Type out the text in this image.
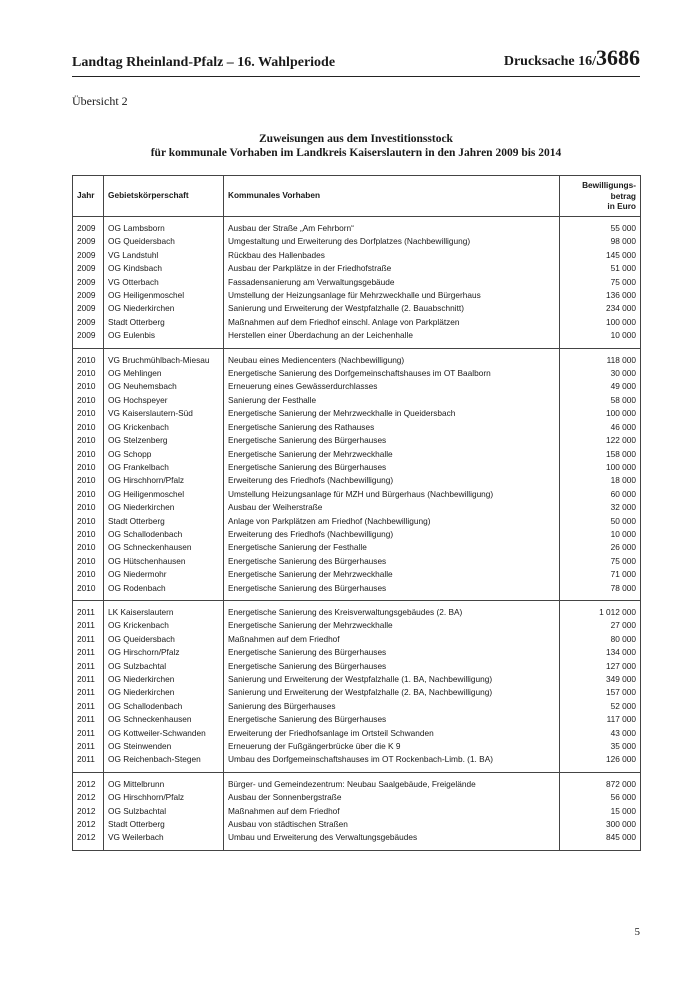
Landtag Rheinland-Pfalz – 16. Wahlperiode	Drucksache 16/3686
Übersicht 2
Zuweisungen aus dem Investitionsstock
für kommunale Vorhaben im Landkreis Kaiserslautern in den Jahren 2009 bis 2014
Jahr	Gebietskörperschaft	Kommunales Vorhaben	Bewilligungs-
betrag
in Euro

2009	OG Lambsborn	Ausbau der Straße „Am Fehrborn“	55 000
2009	OG Queidersbach	Umgestaltung und Erweiterung des Dorfplatzes (Nachbewilligung)	98 000
2009	VG Landstuhl	Rückbau des Hallenbades	145 000
2009	OG Kindsbach	Ausbau der Parkplätze in der Friedhofstraße	51 000
2009	VG Otterbach	Fassadensanierung am Verwaltungsgebäude	75 000
2009	OG Heiligenmoschel	Umstellung der Heizungsanlage für Mehrzweckhalle und Bürgerhaus	136 000
2009	OG Niederkirchen	Sanierung und Erweiterung der Westpfalzhalle (2. Bauabschnitt)	234 000
2009	Stadt Otterberg	Maßnahmen auf dem Friedhof einschl. Anlage von Parkplätzen	100 000
2009	OG Eulenbis	Herstellen einer Überdachung an der Leichenhalle	10 000

2010	VG Bruchmühlbach-Miesau	Neubau eines Mediencenters (Nachbewilligung)	118 000
2010	OG Mehlingen	Energetische Sanierung des Dorfgemeinschaftshauses im OT Baalborn	30 000
2010	OG Neuhemsbach	Erneuerung eines Gewässerdurchlasses	49 000
2010	OG Hochspeyer	Sanierung der Festhalle	58 000
2010	VG Kaiserslautern-Süd	Energetische Sanierung der Mehrzweckhalle in Queidersbach	100 000
2010	OG Krickenbach	Energetische Sanierung des Rathauses	46 000
2010	OG Stelzenberg	Energetische Sanierung des Bürgerhauses	122 000
2010	OG Schopp	Energetische Sanierung der Mehrzweckhalle	158 000
2010	OG Frankelbach	Energetische Sanierung des Bürgerhauses	100 000
2010	OG Hirschhorn/Pfalz	Erweiterung des Friedhofs (Nachbewilligung)	18 000
2010	OG Heiligenmoschel	Umstellung Heizungsanlage für MZH und Bürgerhaus (Nachbewilligung)	60 000
2010	OG Niederkirchen	Ausbau der Weiherstraße	32 000
2010	Stadt Otterberg	Anlage von Parkplätzen am Friedhof (Nachbewilligung)	50 000
2010	OG Schallodenbach	Erweiterung des Friedhofs (Nachbewilligung)	10 000
2010	OG Schneckenhausen	Energetische Sanierung der Festhalle	26 000
2010	OG Hütschenhausen	Energetische Sanierung des Bürgerhauses	75 000
2010	OG Niedermohr	Energetische Sanierung der Mehrzweckhalle	71 000
2010	OG Rodenbach	Energetische Sanierung des Bürgerhauses	78 000

2011	LK Kaiserslautern	Energetische Sanierung des Kreisverwaltungsgebäudes (2. BA)	1 012 000
2011	OG Krickenbach	Energetische Sanierung der Mehrzweckhalle	27 000
2011	OG Queidersbach	Maßnahmen auf dem Friedhof	80 000
2011	OG Hirschorn/Pfalz	Energetische Sanierung des Bürgerhauses	134 000
2011	OG Sulzbachtal	Energetische Sanierung des Bürgerhauses	127 000
2011	OG Niederkirchen	Sanierung und Erweiterung der Westpfalzhalle (1. BA, Nachbewilligung)	349 000
2011	OG Niederkirchen	Sanierung und Erweiterung der Westpfalzhalle (2. BA, Nachbewilligung)	157 000
2011	OG Schallodenbach	Sanierung des Bürgerhauses	52 000
2011	OG Schneckenhausen	Energetische Sanierung des Bürgerhauses	117 000
2011	OG Kottweiler-Schwanden	Erweiterung der Friedhofsanlage im Ortsteil Schwanden	43 000
2011	OG Steinwenden	Erneuerung der Fußgängerbrücke über die K 9	35 000
2011	OG Reichenbach-Stegen	Umbau des Dorfgemeinschaftshauses im OT Rockenbach-Limb. (1. BA)	126 000

2012	OG Mittelbrunn	Bürger- und Gemeindezentrum: Neubau Saalgebäude, Freigelände	872 000
2012	OG Hirschhorn/Pfalz	Ausbau der Sonnenbergstraße	56 000
2012	OG Sulzbachtal	Maßnahmen auf dem Friedhof	15 000
2012	Stadt Otterberg	Ausbau von städtischen Straßen	300 000
2012	VG Weilerbach	Umbau und Erweiterung des Verwaltungsgebäudes	845 000

5
